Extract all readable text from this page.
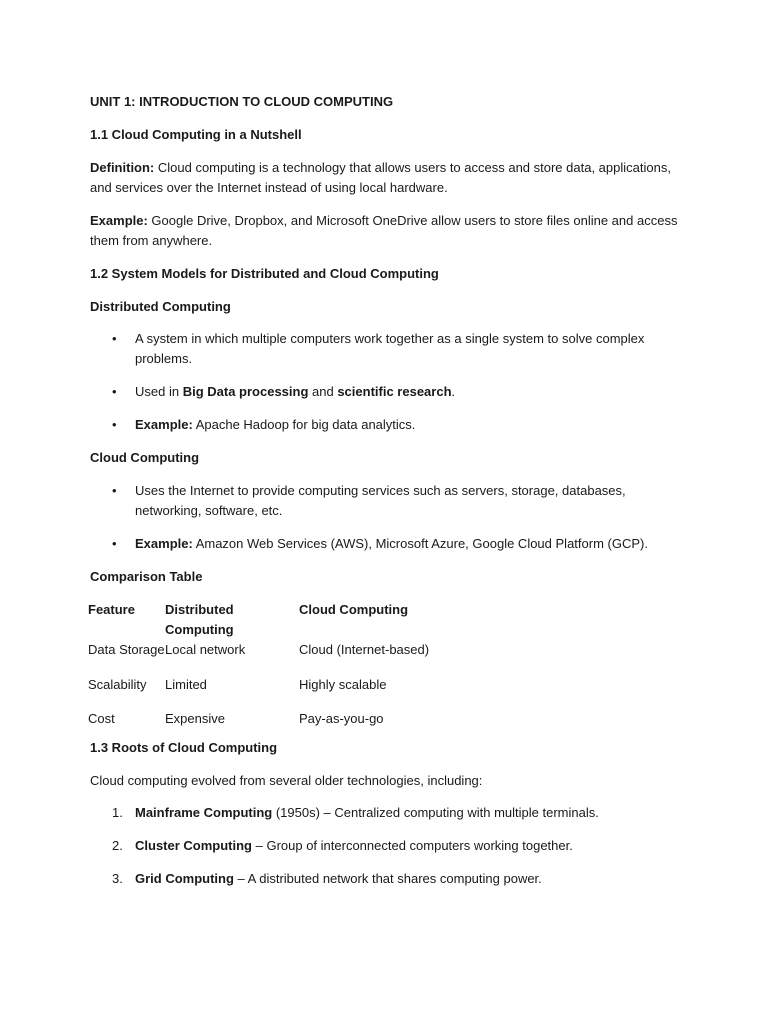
UNIT 1: INTRODUCTION TO CLOUD COMPUTING
1.1 Cloud Computing in a Nutshell
Definition: Cloud computing is a technology that allows users to access and store data, applications, and services over the Internet instead of using local hardware.
Example: Google Drive, Dropbox, and Microsoft OneDrive allow users to store files online and access them from anywhere.
1.2 System Models for Distributed and Cloud Computing
Distributed Computing
•	A system in which multiple computers work together as a single system to solve complex problems.
•	Used in Big Data processing and scientific research.
•	Example: Apache Hadoop for big data analytics.
Cloud Computing
•	Uses the Internet to provide computing services such as servers, storage, databases, networking, software, etc.
•	Example: Amazon Web Services (AWS), Microsoft Azure, Google Cloud Platform (GCP).
Comparison Table
Feature	Distributed Computing	Cloud Computing
Data Storage	Local network	Cloud (Internet-based)
Scalability	Limited	Highly scalable
Cost	Expensive	Pay-as-you-go
1.3 Roots of Cloud Computing
Cloud computing evolved from several older technologies, including:
1. Mainframe Computing (1950s) – Centralized computing with multiple terminals.
2. Cluster Computing – Group of interconnected computers working together.
3. Grid Computing – A distributed network that shares computing power.
